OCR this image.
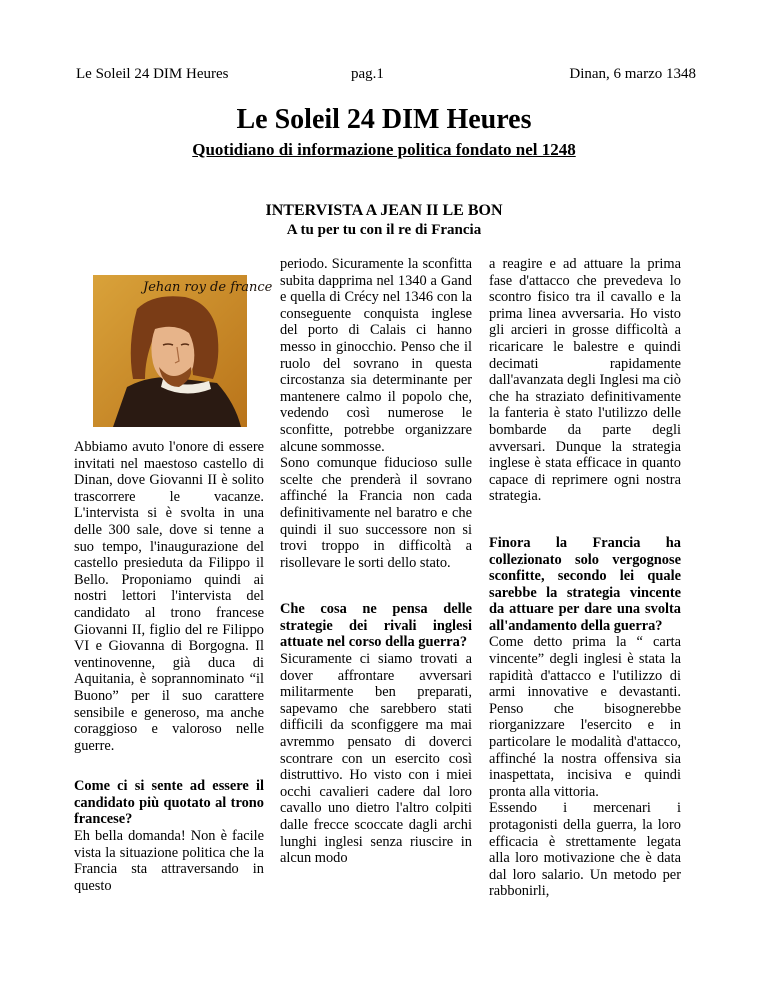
Le Soleil 24 DIM Heures	pag.1	Dinan, 6 marzo 1348
Le Soleil 24 DIM Heures
Quotidiano di informazione politica fondato nel 1248
INTERVISTA A JEAN II LE BON
A tu per tu con il re di Francia
Jehan roy de france

Abbiamo avuto l'onore di essere invitati nel maestoso castello di Dinan, dove Giovanni II è solito trascorrere le vacanze. L'intervista si è svolta in una delle 300 sale, dove si tenne a suo tempo, l'inaugurazione del castello presieduta da Filippo il Bello. Proponiamo quindi ai nostri lettori l'intervista del candidato al trono francese Giovanni II, figlio del re Filippo VI e Giovanna di Borgogna. Il ventinovenne, già duca di Aquitania, è soprannominato “il Buono” per il suo carattere sensibile e generoso, ma anche coraggioso e valoroso nelle guerre.

Come ci si sente ad essere il candidato più quotato al trono francese?

Eh bella domanda! Non è facile vista la situazione politica che la Francia sta attraversando in questo

periodo. Sicuramente la sconfitta subita dapprima nel 1340 a Gand e quella di Crécy nel 1346 con la conseguente conquista inglese del porto di Calais ci hanno messo in ginocchio. Penso che il ruolo del sovrano in questa circostanza sia determinante per mantenere calmo il popolo che, vedendo così numerose le sconfitte, potrebbe organizzare alcune sommosse.

Sono comunque fiducioso sulle scelte che prenderà il sovrano affinché la Francia non cada definitivamente nel baratro e che quindi il suo successore non si trovi troppo in difficoltà a risollevare le sorti dello stato.

Che cosa ne pensa delle strategie dei rivali inglesi attuate nel corso della guerra?

Sicuramente ci siamo trovati a dover affrontare avversari militarmente ben preparati, sapevamo che sarebbero stati difficili da sconfiggere ma mai avremmo pensato di doverci scontrare con un esercito così distruttivo. Ho visto con i miei occhi cavalieri cadere dal loro cavallo uno dietro l'altro colpiti dalle frecce scoccate dagli archi lunghi inglesi senza riuscire in alcun modo

a reagire e ad attuare la prima fase d'attacco che prevedeva lo scontro fisico tra il cavallo e la prima linea avversaria. Ho visto gli arcieri in grosse difficoltà a ricaricare le balestre e quindi decimati rapidamente dall'avanzata degli Inglesi ma ciò che ha straziato definitivamente la fanteria è stato l'utilizzo delle bombarde da parte degli avversari. Dunque la strategia inglese è stata efficace in quanto capace di reprimere ogni nostra strategia.

Finora la Francia ha collezionato solo vergognose sconfitte, secondo lei quale sarebbe la strategia vincente da attuare per dare una svolta all'andamento della guerra?

Come detto prima la “ carta vincente” degli inglesi è stata la rapidità d'attacco e l'utilizzo di armi innovative e devastanti. Penso che bisognerebbe riorganizzare l'esercito e in particolare le modalità d'attacco, affinché la nostra offensiva sia inaspettata, incisiva e quindi pronta alla vittoria.

Essendo i mercenari i protagonisti della guerra, la loro efficacia è strettamente legata alla loro motivazione che è data dal loro salario. Un metodo per rabbonirli,
